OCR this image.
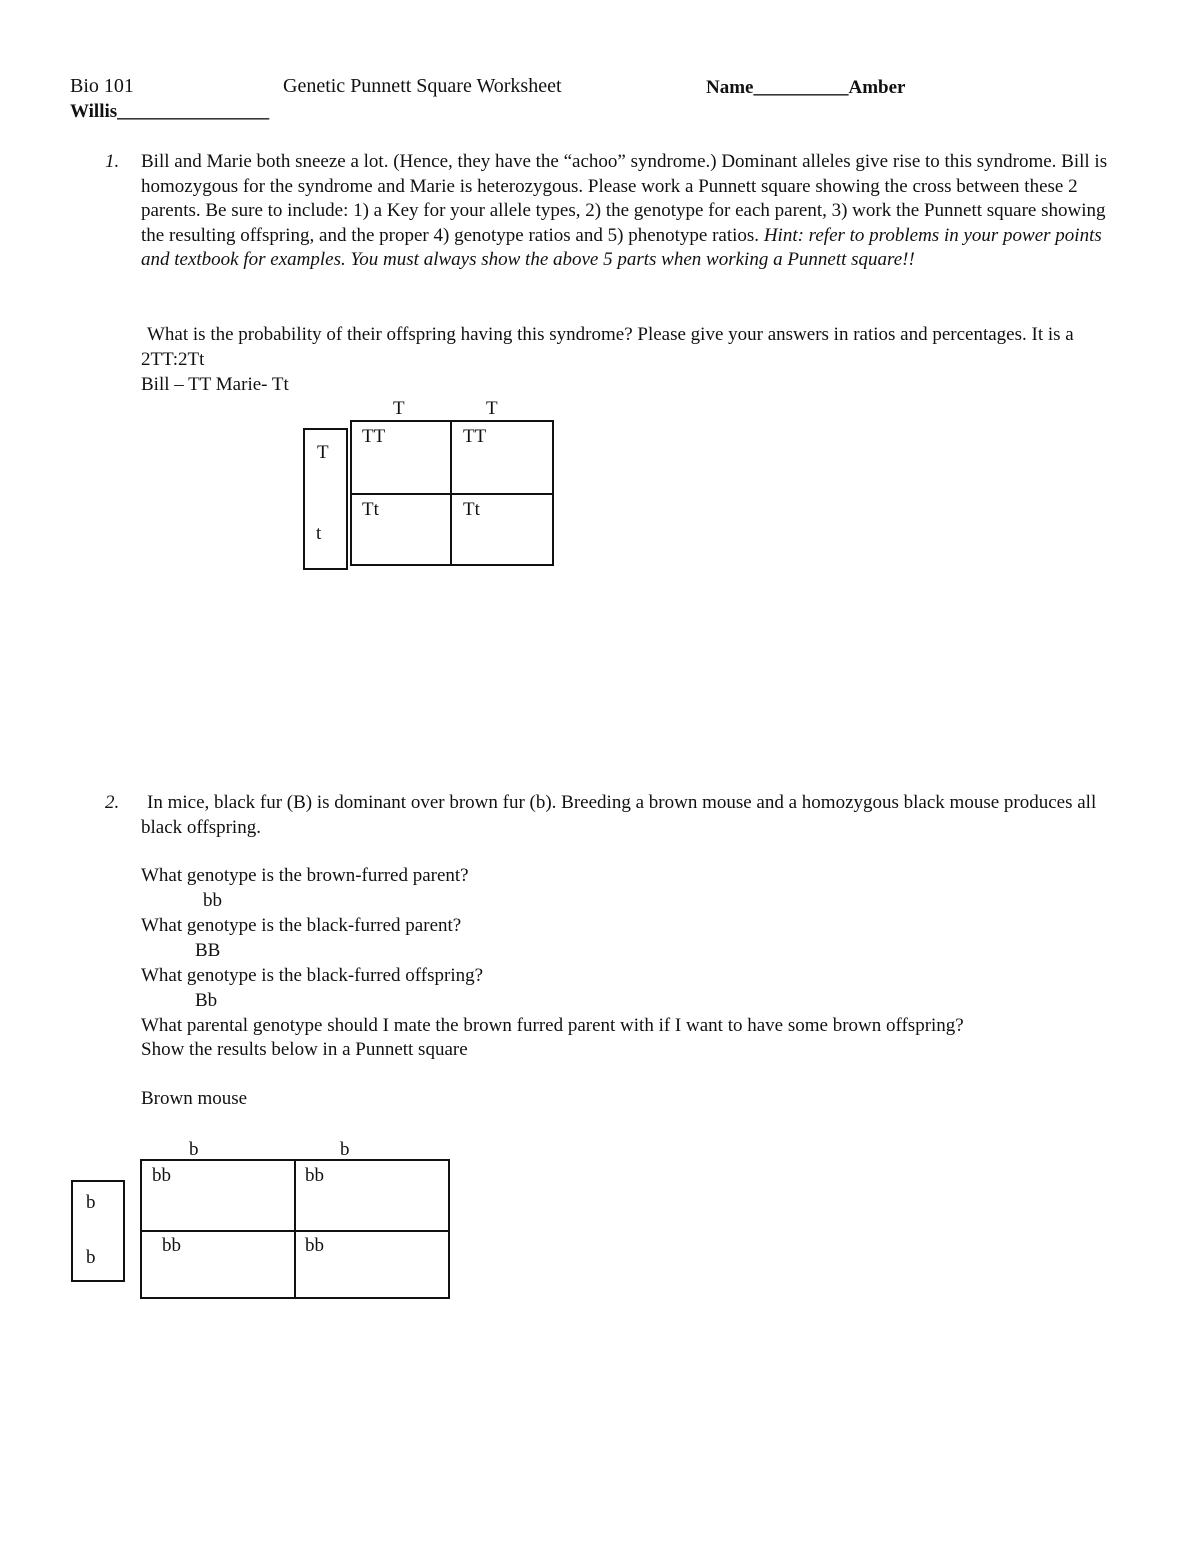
Bio 101	Genetic Punnett Square Worksheet	Name__________Amber
Willis________________
1. Bill and Marie both sneeze a lot. (Hence, they have the “achoo” syndrome.) Dominant alleles give rise to this syndrome. Bill is homozygous for the syndrome and Marie is heterozygous. Please work a Punnett square showing the cross between these 2 parents. Be sure to include: 1) a Key for your allele types, 2) the genotype for each parent, 3) work the Punnett square showing the resulting offspring, and the proper 4) genotype ratios and 5) phenotype ratios. Hint: refer to problems in your power points and textbook for examples. You must always show the above 5 parts when working a Punnett square!!
What is the probability of their offspring having this syndrome? Please give your answers in ratios and percentages. It is a 2TT:2Tt
Bill – TT Marie- Tt
T	T
T
t
TT	TT
Tt	Tt
2.	In mice, black fur (B) is dominant over brown fur (b). Breeding a brown mouse and a homozygous black mouse produces all black offspring.
What genotype is the brown-furred parent?
bb
What genotype is the black-furred parent?
BB
What genotype is the black-furred offspring?
Bb
What parental genotype should I mate the brown furred parent with if I want to have some brown offspring?
Show the results below in a Punnett square
Brown mouse
b	b
b
b
bb	bb
bb	bb
